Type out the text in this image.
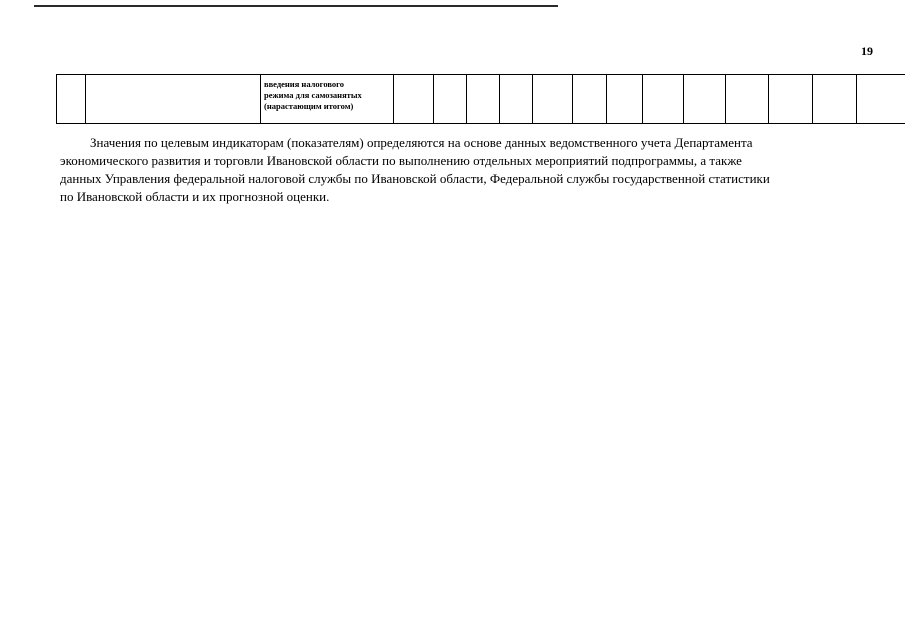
19

введения налогового
режима для самозанятых
(нарастающим итогом)

Значения по целевым индикаторам (показателям) определяются на основе данных ведомственного учета Департамента
экономического развития и торговли Ивановской области по выполнению отдельных мероприятий подпрограммы, а также
данных Управления федеральной налоговой службы по Ивановской области, Федеральной службы государственной статистики
по Ивановской области и их прогнозной оценки.
